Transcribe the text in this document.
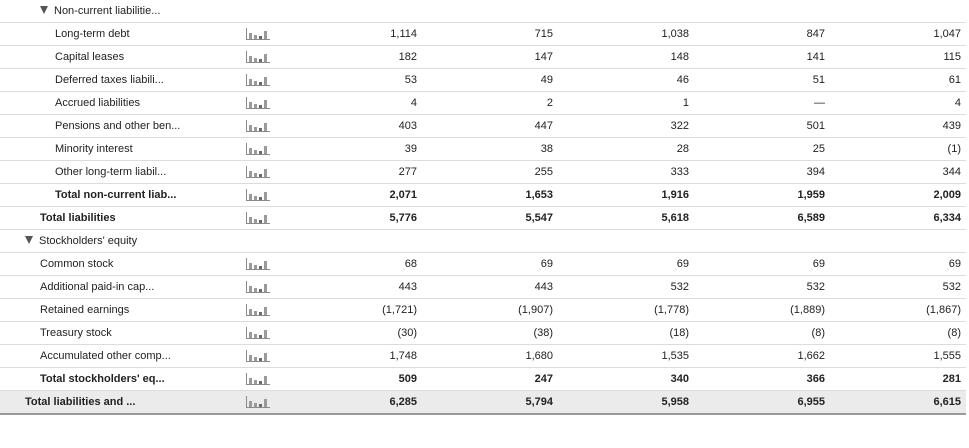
Non-current liabilitie...
Long-term debt	1,114	715	1,038	847	1,047
Capital leases	182	147	148	141	115
Deferred taxes liabili...	53	49	46	51	61
Accrued liabilities	4	2	1	—	4
Pensions and other ben...	403	447	322	501	439
Minority interest	39	38	28	25	(1)
Other long-term liabil...	277	255	333	394	344
Total non-current liab...	2,071	1,653	1,916	1,959	2,009
Total liabilities	5,776	5,547	5,618	6,589	6,334
Stockholders' equity
Common stock	68	69	69	69	69
Additional paid-in cap...	443	443	532	532	532
Retained earnings	(1,721)	(1,907)	(1,778)	(1,889)	(1,867)
Treasury stock	(30)	(38)	(18)	(8)	(8)
Accumulated other comp...	1,748	1,680	1,535	1,662	1,555
Total stockholders' eq...	509	247	340	366	281
Total liabilities and ...	6,285	5,794	5,958	6,955	6,615
